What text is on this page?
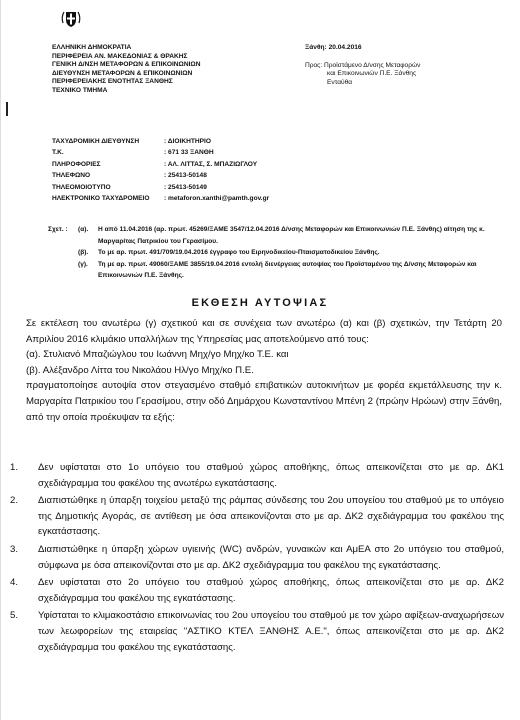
ΕΛΛΗΝΙΚΗ ΔΗΜΟΚΡΑΤΙΑ
ΠΕΡΙΦΕΡΕΙΑ ΑΝ. ΜΑΚΕΔΟΝΙΑΣ & ΘΡΑΚΗΣ
ΓΕΝΙΚΗ Δ/ΝΣΗ ΜΕΤΑΦΟΡΩΝ & ΕΠΙΚΟΙΝΩΝΙΩΝ
ΔΙΕΥΘΥΝΣΗ ΜΕΤΑΦΟΡΩΝ & ΕΠΙΚΟΙΝΩΝΙΩΝ
ΠΕΡΙΦΕΡΕΙΑΚΗΣ ΕΝΟΤΗΤΑΣ ΞΑΝΘΗΣ
ΤΕΧΝΙΚΟ ΤΜΗΜΑ
Ξάνθη: 20.04.2016
Προς: Προϊστάμενο Δ/νσης Μεταφορών
και Επικοινωνιών Π.Ε. Ξάνθης
Ενταύθα
ΤΑΧΥΔΡΟΜΙΚΗ ΔΙΕΥΘΥΝΣΗ	: ΔΙΟΙΚΗΤΗΡΙΟ
Τ.Κ.	: 671 33 ΞΑΝΘΗ
ΠΛΗΡΟΦΟΡΙΕΣ	: ΑΛ. ΛΙΤΤΑΣ, Σ. ΜΠΑΖΙΩΓΛΟΥ
ΤΗΛΕΦΩΝΟ	: 25413-50148
ΤΗΛΕΟΜΟΙΟΤΥΠΟ	: 25413-50149
ΗΛΕΚΤΡΟΝΙΚΟ ΤΑΧΥΔΡΟΜΕΙΟ	: metaforon.xanthi@pamth.gov.gr
Σχετ. :	(α).	Η από 11.04.2016 (αρ. πρωτ. 45269/ΞΑΜΕ 3547/12.04.2016 Δ/νσης Μεταφορών και Επικοινωνιών Π.Ε. Ξάνθης) αίτηση της κ. Μαργαρίτας Πατρικίου του Γερασίμου.
(β).	Το με αρ. πρωτ. 491/709/19.04.2016 έγγραφο του Ειρηνοδικείου-Πταισματοδικείου Ξάνθης.
(γ).	Τη με αρ. πρωτ. 49060/ΞΑΜΕ 3855/19.04.2016 εντολή διενέργειας αυτοψίας του Προϊσταμένου της Δ/νσης Μεταφορών και Επικοινωνιών Π.Ε. Ξάνθης.
ΕΚΘΕΣΗ ΑΥΤΟΨΙΑΣ
Σε εκτέλεση του ανωτέρω (γ) σχετικού και σε συνέχεια των ανωτέρω (α) και (β) σχετικών, την Τετάρτη 20 Απριλίου 2016 κλιμάκιο υπαλλήλων της Υπηρεσίας μας αποτελούμενο από τους:
(α). Στυλιανό Μπαζιώγλου του Ιωάννη Μηχ/γο Μηχ/κο Τ.Ε. και
(β). Αλέξανδρο Λίττα του Νικολάου Ηλ/γο Μηχ/κο Π.Ε.
πραγματοποίησε αυτοψία στον στεγασμένο σταθμό επιβατικών αυτοκινήτων με φορέα εκμετάλλευσης την κ. Μαργαρίτα Πατρικίου του Γερασίμου, στην οδό Δημάρχου Κωνσταντίνου Μπένη 2 (πρώην Ηρώων) στην Ξάνθη, από την οποία προέκυψαν τα εξής:
1.	Δεν υφίσταται στο 1ο υπόγειο του σταθμού χώρος αποθήκης, όπως απεικονίζεται στο με αρ. ΔΚ1 σχεδιάγραμμα του φακέλου της ανωτέρω εγκατάστασης.
2.	Διαπιστώθηκε η ύπαρξη τοιχείου μεταξύ της ράμπας σύνδεσης του 2ου υπογείου του σταθμού με το υπόγειο της Δημοτικής Αγοράς, σε αντίθεση με όσα απεικονίζονται στο με αρ. ΔΚ2 σχεδιάγραμμα του φακέλου της εγκατάστασης.
3.	Διαπιστώθηκε η ύπαρξη χώρων υγιεινής (WC) ανδρών, γυναικών και ΑμΕΑ στο 2ο υπόγειο του σταθμού, σύμφωνα με όσα απεικονίζονται στο με αρ. ΔΚ2 σχεδιάγραμμα του φακέλου της εγκατάστασης.
4.	Δεν υφίσταται στο 2ο υπόγειο του σταθμού χώρος αποθήκης, όπως απεικονίζεται στο με αρ. ΔΚ2 σχεδιάγραμμα του φακέλου της εγκατάστασης.
5.	Υφίσταται το κλιμακοστάσιο επικοινωνίας του 2ου υπογείου του σταθμού με τον χώρο αφίξεων-αναχωρήσεων των λεωφορείων της εταιρείας "ΑΣΤΙΚΟ ΚΤΕΛ ΞΑΝΘΗΣ Α.Ε.", όπως απεικονίζεται στο με αρ. ΔΚ2 σχεδιάγραμμα του φακέλου της εγκατάστασης.
